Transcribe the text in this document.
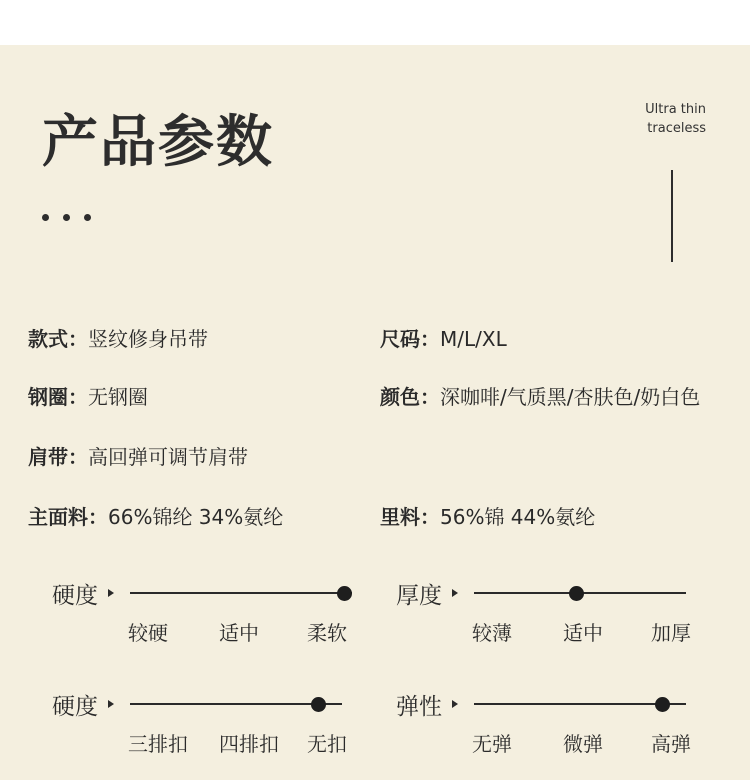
产品参数
Ultra thin
traceless
款式：竖纹修身吊带	尺码：M/L/XL
钢圈：无钢圈	颜色：深咖啡/气质黑/杏肤色/奶白色
肩带：高回弹可调节肩带
主面料：66%锦纶 34%氨纶	里料：56%锦 44%氨纶
硬度
较硬	适中 柔软
厚度
较薄	适中 加厚
硬度
三排扣 四排扣 无扣
弹性
无弹	微弹 高弹
